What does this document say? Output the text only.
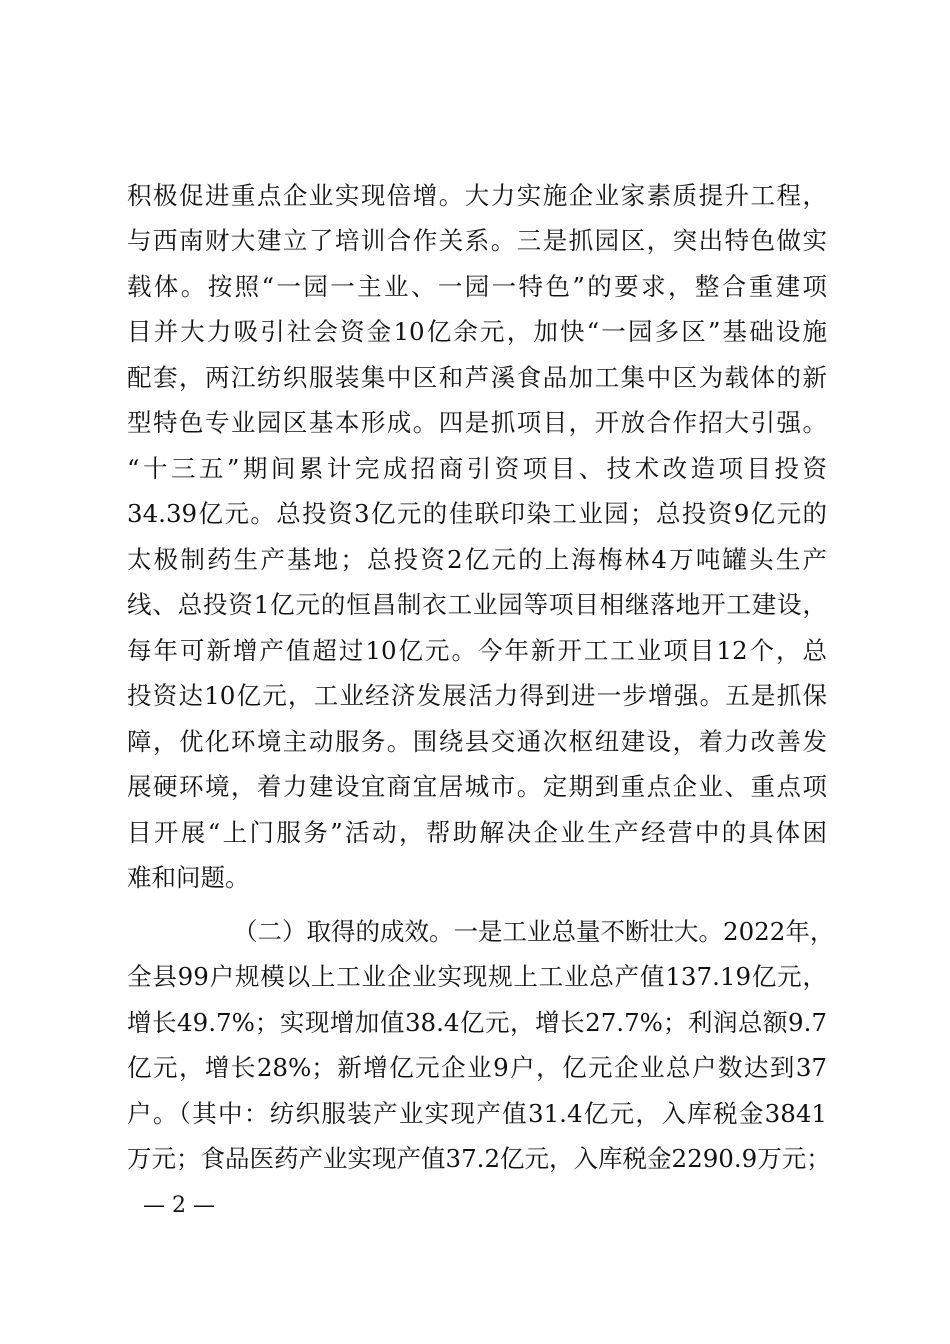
积极促进重点企业实现倍增。大力实施企业家素质提升工程，
与西南财大建立了培训合作关系。三是抓园区，突出特色做实
载体。按照“一园一主业、一园一特色”的要求，整合重建项
目并大力吸引社会资金10亿余元，加快“一园多区”基础设施
配套，两江纺织服装集中区和芦溪食品加工集中区为载体的新
型特色专业园区基本形成。四是抓项目，开放合作招大引强。
“十三五”期间累计完成招商引资项目、技术改造项目投资
34.39亿元。总投资3亿元的佳联印染工业园；总投资9亿元的
太极制药生产基地；总投资2亿元的上海梅林4万吨罐头生产
线、总投资1亿元的恒昌制衣工业园等项目相继落地开工建设，
每年可新增产值超过10亿元。今年新开工工业项目12个，总
投资达10亿元，工业经济发展活力得到进一步增强。五是抓保
障，优化环境主动服务。围绕县交通次枢纽建设，着力改善发
展硬环境，着力建设宜商宜居城市。定期到重点企业、重点项
目开展“上门服务”活动，帮助解决企业生产经营中的具体困
难和问题。
（二）取得的成效。一是工业总量不断壮大。2022年，
全县99户规模以上工业企业实现规上工业总产值137.19亿元，
增长49.7%；实现增加值38.4亿元，增长27.7%；利润总额9.7
亿元，增长28%；新增亿元企业9户，亿元企业总户数达到37
户。（其中：纺织服装产业实现产值31.4亿元，入库税金3841
万元；食品医药产业实现产值37.2亿元，入库税金2290.9万元；
— 2 —
